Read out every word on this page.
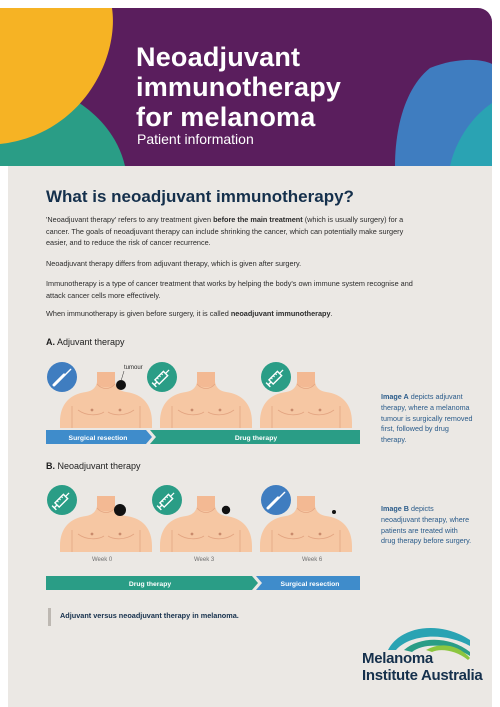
Neoadjuvant
immunotherapy
for melanoma
Patient information
What is neoadjuvant immunotherapy?
'Neoadjuvant therapy' refers to any treatment given before the main treatment (which is usually surgery) for a cancer. The goals of neoadjuvant therapy can include shrinking the cancer, which can potentially make surgery easier, and to reduce the risk of cancer recurrence.
Neoadjuvant therapy differs from adjuvant therapy, which is given after surgery.
Immunotherapy is a type of cancer treatment that works by helping the body's own immune system recognise and attack cancer cells more effectively.
When immunotherapy is given before surgery, it is called neoadjuvant immunotherapy.
A. Adjuvant therapy
Surgical resection	Drug therapy
Drug therapy	Surgical resection
tumour
Image A depicts adjuvant therapy, where a melanoma tumour is surgically removed first, followed by drug therapy.
B. Neoadjuvant therapy
Week 0	Week 3	Week 6
Image B depicts neoadjuvant therapy, where patients are treated with drug therapy before surgery.
Adjuvant versus neoadjuvant therapy in melanoma.
Melanoma
Institute Australia
